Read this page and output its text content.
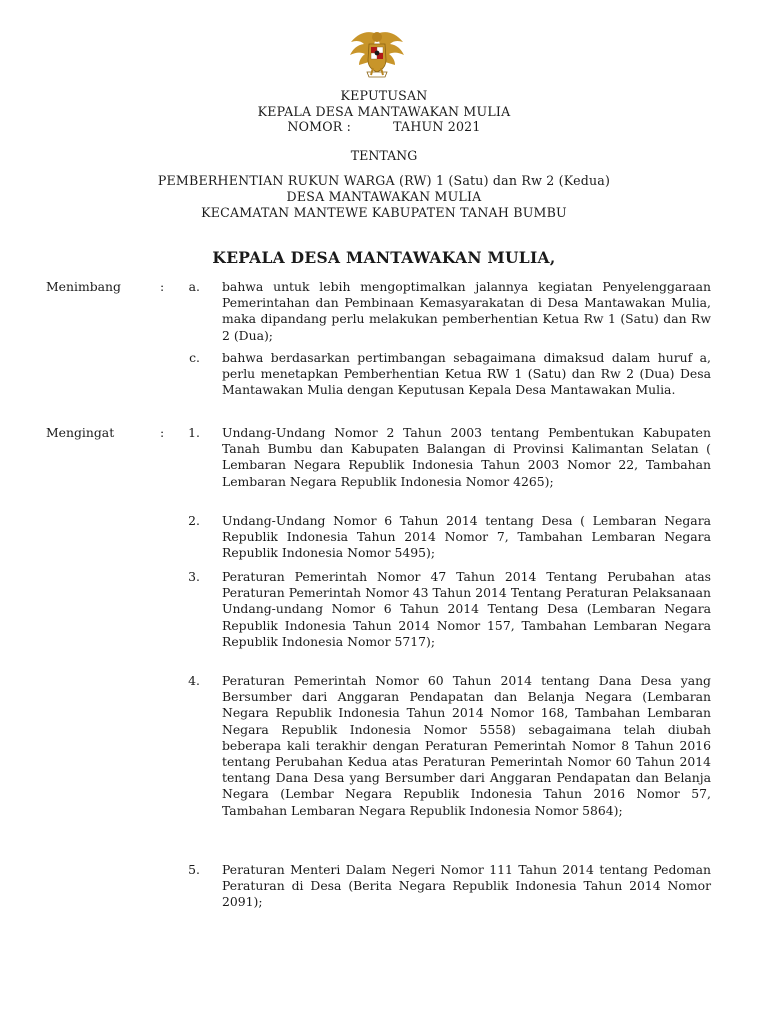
KEPUTUSAN
KEPALA DESA MANTAWAKAN MULIA
NOMOR :          TAHUN 2021
TENTANG
PEMBERHENTIAN RUKUN WARGA (RW) 1 (Satu) dan Rw 2 (Kedua)
DESA MANTAWAKAN MULIA
KECAMATAN MANTEWE KABUPATEN TANAH BUMBU
KEPALA DESA MANTAWAKAN MULIA,
Menimbang	:	a. bahwa untuk lebih mengoptimalkan jalannya kegiatan Penyelenggaraan Pemerintahan dan Pembinaan Kemasyarakatan di Desa Mantawakan Mulia, maka dipandang perlu melakukan pemberhentian Ketua Rw 1 (Satu) dan Rw 2 (Dua);
c. bahwa berdasarkan pertimbangan sebagaimana dimaksud dalam huruf a, perlu menetapkan Pemberhentian Ketua RW 1 (Satu) dan Rw 2 (Dua) Desa Mantawakan Mulia dengan Keputusan Kepala Desa Mantawakan Mulia.
Mengingat	:	1. Undang-Undang Nomor 2 Tahun 2003 tentang Pembentukan Kabupaten Tanah Bumbu dan Kabupaten Balangan di Provinsi Kalimantan Selatan ( Lembaran Negara Republik Indonesia Tahun 2003 Nomor 22, Tambahan Lembaran Negara Republik Indonesia Nomor 4265);
2. Undang-Undang Nomor 6 Tahun 2014 tentang Desa ( Lembaran Negara Republik Indonesia Tahun 2014 Nomor 7, Tambahan Lembaran Negara Republik Indonesia Nomor 5495);
3. Peraturan Pemerintah Nomor 47 Tahun 2014 Tentang Perubahan atas Peraturan Pemerintah Nomor 43 Tahun 2014 Tentang Peraturan Pelaksanaan Undang-undang Nomor 6 Tahun 2014 Tentang Desa (Lembaran Negara Republik Indonesia Tahun 2014 Nomor 157, Tambahan Lembaran Negara Republik Indonesia Nomor 5717);
4. Peraturan Pemerintah Nomor 60 Tahun 2014 tentang Dana Desa yang Bersumber dari Anggaran Pendapatan dan Belanja Negara (Lembaran Negara Republik Indonesia Tahun 2014 Nomor 168, Tambahan Lembaran Negara Republik Indonesia Nomor 5558) sebagaimana telah diubah beberapa kali terakhir dengan Peraturan Pemerintah Nomor 8 Tahun 2016 tentang Perubahan Kedua atas Peraturan Pemerintah Nomor 60 Tahun 2014 tentang Dana Desa yang Bersumber dari Anggaran Pendapatan dan Belanja Negara (Lembar Negara Republik Indonesia Tahun 2016 Nomor 57, Tambahan Lembaran Negara Republik Indonesia Nomor 5864);
5. Peraturan Menteri Dalam Negeri Nomor 111 Tahun 2014 tentang Pedoman Peraturan di Desa (Berita Negara Republik Indonesia Tahun 2014 Nomor 2091);
